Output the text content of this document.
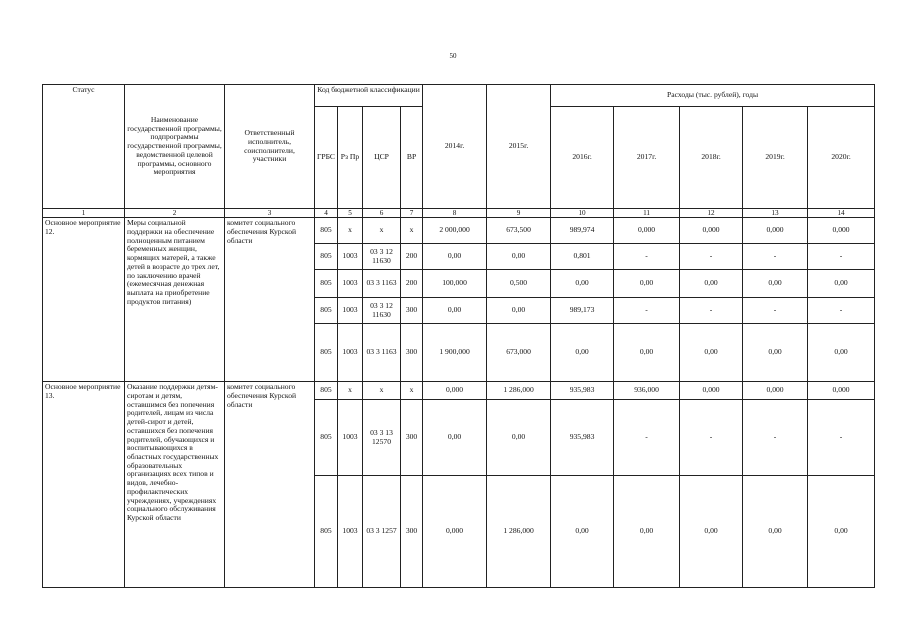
50
Статус	Наименование государственной программы, подпрограммы государственной программы, ведомственной целевой программы, основного мероприятия	Ответственный исполнитель, соисполнители, участники	Код бюджетной классификации				2014г.	2015г.	Расходы (тыс. рублей), годы				
			ГРБС	Рз Пр	ЦСР	ВР			2016г.	2017г.	2018г.	2019г.	2020г.
1	2	3	4	5	6	7	8	9	10	11	12	13	14
Основное мероприятие 12.	Меры социальной поддержки на обеспечение полноценным питанием беременных женщин, кормящих матерей, а также детей в возрасте до трех лет, по заключению врачей (ежемесячная денежная выплата на приобретение продуктов питания)	комитет социального обеспечения Курской области	805	x	x	x	2 000,000	673,500	989,974	0,000	0,000	0,000	0,000
			805	1003	03 3 12 11630	200	0,00	0,00	0,801	-	-	-	-
			805	1003	03 3 1163	200	100,000	0,500	0,00	0,00	0,00	0,00	0,00
			805	1003	03 3 12 11630	300	0,00	0,00	989,173	-	-	-	-
			805	1003	03 3 1163	300	1 900,000	673,000	0,00	0,00	0,00	0,00	0,00
Основное мероприятие 13.	Оказание поддержки детям-сиротам и детям, оставшимся без попечения родителей, лицам из числа детей-сирот и детей, оставшихся без попечения родителей, обучающихся и воспитывающихся в областных государственных образовательных организациях всех типов и видов, лечебно-профилактических учреждениях, учреждениях социального обслуживания Курской области	комитет социального обеспечения Курской области	805	x	x	x	0,000	1 286,000	935,983	936,000	0,000	0,000	0,000
			805	1003	03 3 13 12570	300	0,00	0,00	935,983	-	-	-	-
			805	1003	03 3 1257	300	0,000	1 286,000	0,00	0,00	0,00	0,00	0,00
